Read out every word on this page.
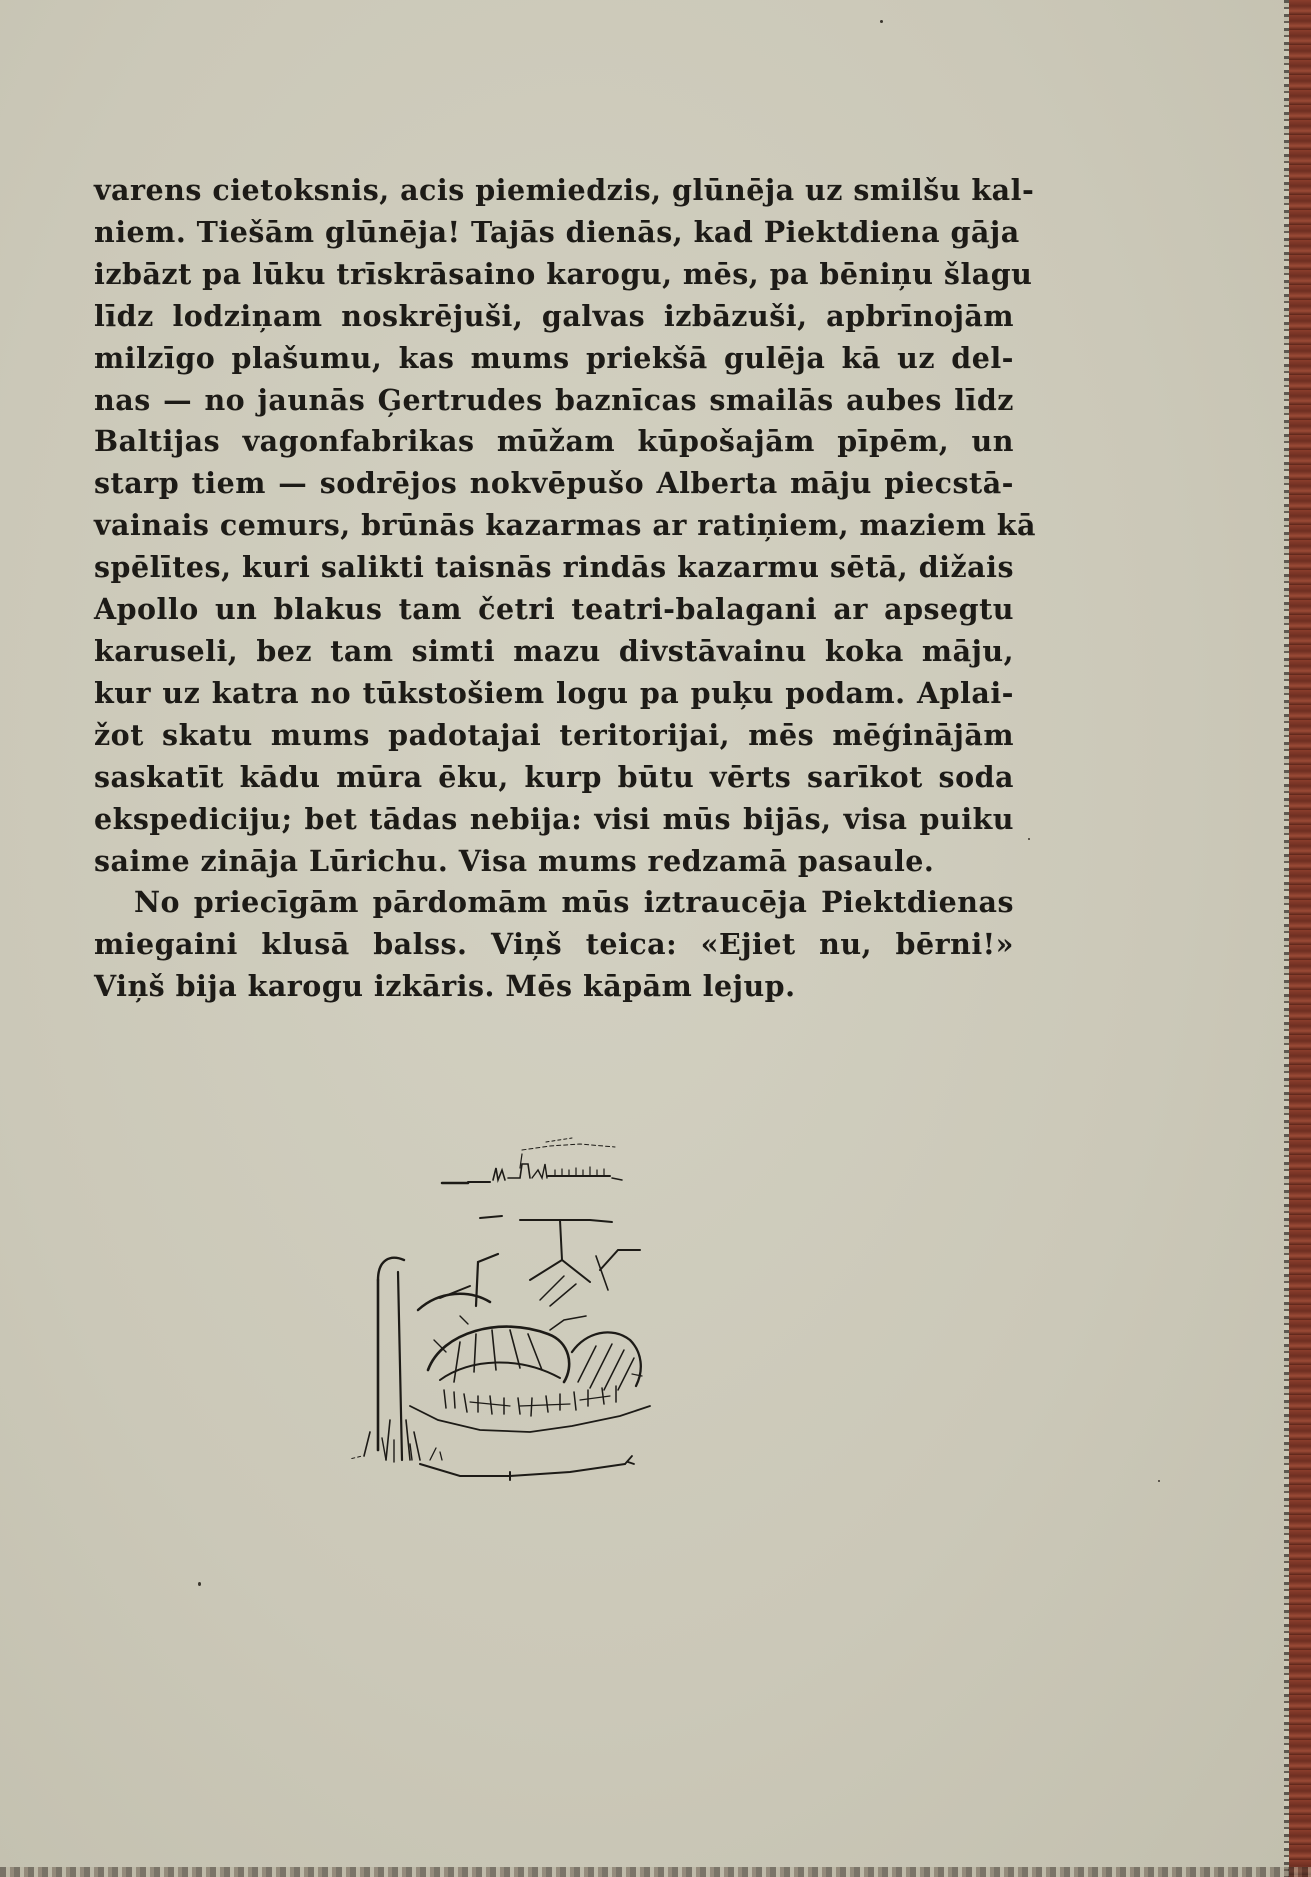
varens cietoksnis, acis piemiedzis, glūnēja uz smilšu kal-
niem. Tiešām glūnēja! Tajās dienās, kad Piektdiena gāja
izbāzt pa lūku trīskrāsaino karogu, mēs, pa bēniņu šlagu
līdz lodziņam noskrējuši, galvas izbāzuši, apbrīnojām
milzīgo plašumu, kas mums priekšā gulēja kā uz del-
nas — no jaunās Ģertrudes baznīcas smailās aubes līdz
Baltijas vagonfabrikas mūžam kūpošajām pīpēm, un
starp tiem — sodrējos nokvēpušo Alberta māju piecstā-
vainais cemurs, brūnās kazarmas ar ratiņiem, maziem kā
spēlītes, kuri salikti taisnās rindās kazarmu sētā, dižais
Apollo un blakus tam četri teatri-balagani ar apsegtu
karuseli, bez tam simti mazu divstāvainu koka māju,
kur uz katra no tūkstošiem logu pa puķu podam. Aplai-
žot skatu mums padotajai teritorijai, mēs mēģinājām
saskatīt kādu mūra ēku, kurp būtu vērts sarīkot soda
ekspediciju; bet tādas nebija: visi mūs bijās, visa puiku
saime zināja Lūrichu. Visa mums redzamā pasaule.
No priecīgām pārdomām mūs iztraucēja Piektdienas
miegaini klusā balss. Viņš teica: «Ejiet nu, bērni!»
Viņš bija karogu izkāris. Mēs kāpām lejup.
